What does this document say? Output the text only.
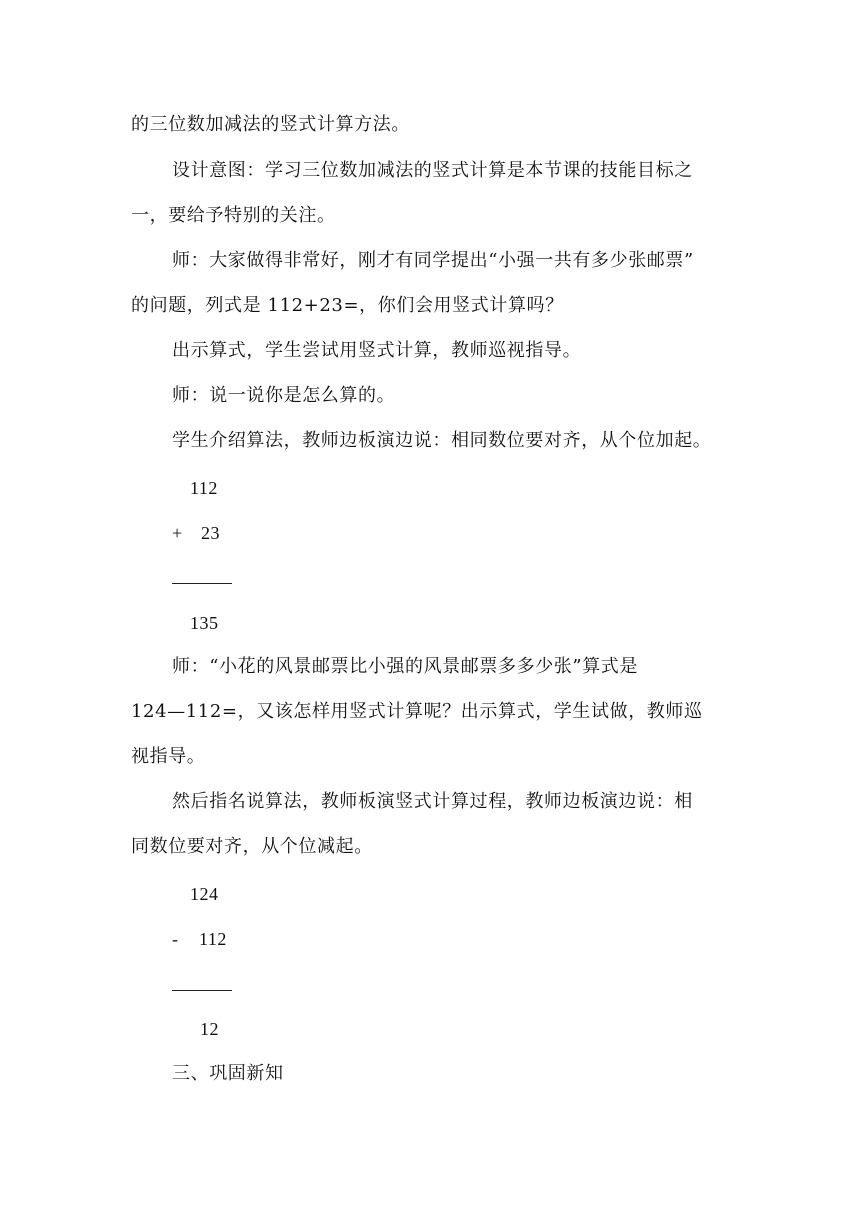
的三位数加减法的竖式计算方法。
设计意图：学习三位数加减法的竖式计算是本节课的技能目标之
一，要给予特别的关注。
师：大家做得非常好，刚才有同学提出“小强一共有多少张邮票”
的问题，列式是 112+23=，你们会用竖式计算吗？
出示算式，学生尝试用竖式计算，教师巡视指导。
师：说一说你是怎么算的。
学生介绍算法，教师边板演边说：相同数位要对齐，从个位加起。
112
+ 23
135
师：“小花的风景邮票比小强的风景邮票多多少张”算式是
124—112=，又该怎样用竖式计算呢？出示算式，学生试做，教师巡
视指导。
然后指名说算法，教师板演竖式计算过程，教师边板演边说：相
同数位要对齐，从个位减起。
124
- 112
12
三、巩固新知
